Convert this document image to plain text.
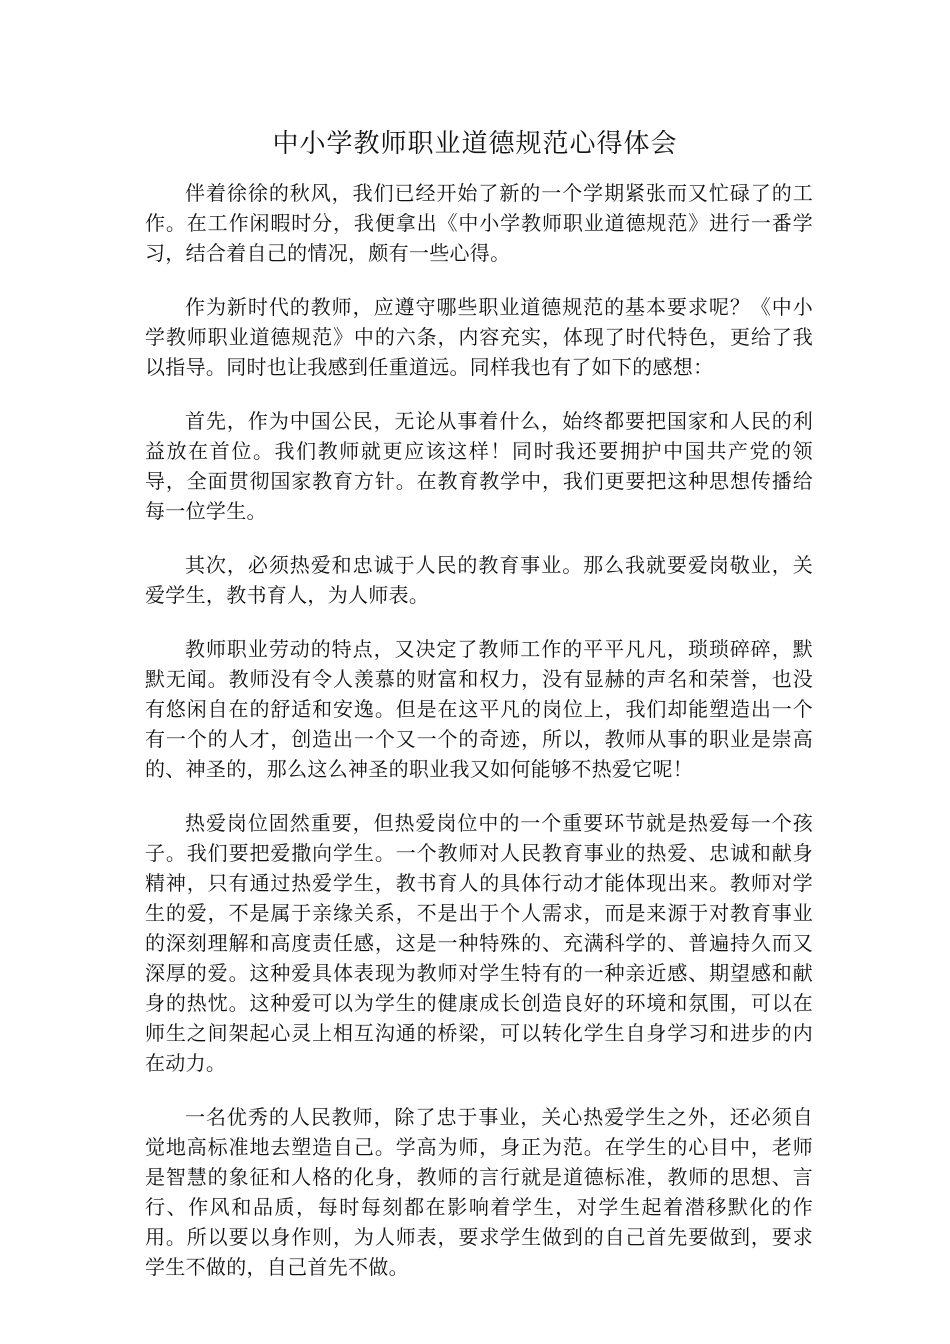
中小学教师职业道德规范心得体会

伴着徐徐的秋风，我们已经开始了新的一个学期紧张而又忙碌了的工作。在工作闲暇时分，我便拿出《中小学教师职业道德规范》进行一番学习，结合着自己的情况，颇有一些心得。

作为新时代的教师，应遵守哪些职业道德规范的基本要求呢？《中小学教师职业道德规范》中的六条，内容充实，体现了时代特色，更给了我以指导。同时也让我感到任重道远。同样我也有了如下的感想：

首先，作为中国公民，无论从事着什么，始终都要把国家和人民的利益放在首位。我们教师就更应该这样！同时我还要拥护中国共产党的领导，全面贯彻国家教育方针。在教育教学中，我们更要把这种思想传播给每一位学生。

其次，必须热爱和忠诚于人民的教育事业。那么我就要爱岗敬业，关爱学生，教书育人，为人师表。

教师职业劳动的特点，又决定了教师工作的平平凡凡，琐琐碎碎，默默无闻。教师没有令人羡慕的财富和权力，没有显赫的声名和荣誉，也没有悠闲自在的舒适和安逸。但是在这平凡的岗位上，我们却能塑造出一个有一个的人才，创造出一个又一个的奇迹，所以，教师从事的职业是崇高的、神圣的，那么这么神圣的职业我又如何能够不热爱它呢！

热爱岗位固然重要，但热爱岗位中的一个重要环节就是热爱每一个孩子。我们要把爱撒向学生。一个教师对人民教育事业的热爱、忠诚和献身精神，只有通过热爱学生，教书育人的具体行动才能体现出来。教师对学生的爱，不是属于亲缘关系，不是出于个人需求，而是来源于对教育事业的深刻理解和高度责任感，这是一种特殊的、充满科学的、普遍持久而又深厚的爱。这种爱具体表现为教师对学生特有的一种亲近感、期望感和献身的热忱。这种爱可以为学生的健康成长创造良好的环境和氛围，可以在师生之间架起心灵上相互沟通的桥梁，可以转化学生自身学习和进步的内在动力。

一名优秀的人民教师，除了忠于事业，关心热爱学生之外，还必须自觉地高标准地去塑造自己。学高为师，身正为范。在学生的心目中，老师是智慧的象征和人格的化身，教师的言行就是道德标准，教师的思想、言行、作风和品质，每时每刻都在影响着学生，对学生起着潜移默化的作用。所以要以身作则，为人师表，要求学生做到的自己首先要做到，要求学生不做的，自己首先不做。
